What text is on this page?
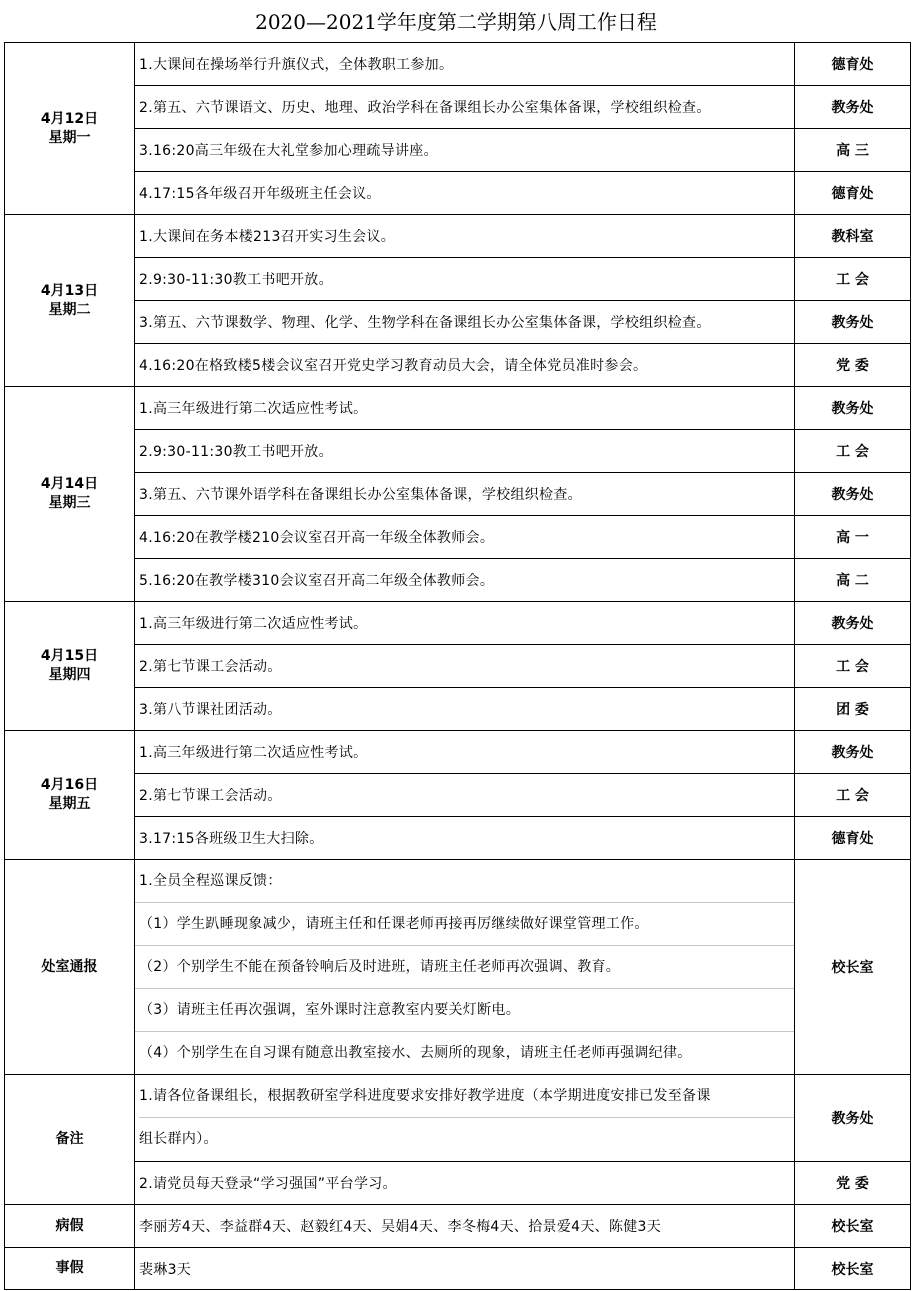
2020—2021学年度第二学期第八周工作日程
4月12日
星期一	1.大课间在操场举行升旗仪式，全体教职工参加。	德育处
	2.第五、六节课语文、历史、地理、政治学科在备课组长办公室集体备课，学校组织检查。	教务处
	3.16:20高三年级在大礼堂参加心理疏导讲座。	高 三
	4.17:15各年级召开年级班主任会议。	德育处

4月13日
星期二	1.大课间在务本楼213召开实习生会议。	教科室
	2.9:30-11:30教工书吧开放。	工 会
	3.第五、六节课数学、物理、化学、生物学科在备课组长办公室集体备课，学校组织检查。	教务处
	4.16:20在格致楼5楼会议室召开党史学习教育动员大会，请全体党员准时参会。	党 委

4月14日
星期三	1.高三年级进行第二次适应性考试。	教务处
	2.9:30-11:30教工书吧开放。	工 会
	3.第五、六节课外语学科在备课组长办公室集体备课，学校组织检查。	教务处
	4.16:20在教学楼210会议室召开高一年级全体教师会。	高 一
	5.16:20在教学楼310会议室召开高二年级全体教师会。	高 二

4月15日
星期四	1.高三年级进行第二次适应性考试。	教务处
	2.第七节课工会活动。	工 会
	3.第八节课社团活动。	团 委

4月16日
星期五	1.高三年级进行第二次适应性考试。	教务处
	2.第七节课工会活动。	工 会
	3.17:15各班级卫生大扫除。	德育处
处室通报	1.全员全程巡课反馈：
（1）学生趴睡现象减少，请班主任和任课老师再接再厉继续做好课堂管理工作。
（2）个别学生不能在预备铃响后及时进班，请班主任老师再次强调、教育。
（3）请班主任再次强调，室外课时注意教室内要关灯断电。
（4）个别学生在自习课有随意出教室接水、去厕所的现象，请班主任老师再强调纪律。	校长室
备注	1.请各位备课组长，根据教研室学科进度要求安排好教学进度（本学期进度安排已发至备课
组长群内）。	教务处
	2.请党员每天登录“学习强国”平台学习。	党 委
病假	李丽芳4天、李益群4天、赵毅红4天、吴娟4天、李冬梅4天、拾景爱4天、陈健3天	校长室
事假	裴琳3天	校长室
